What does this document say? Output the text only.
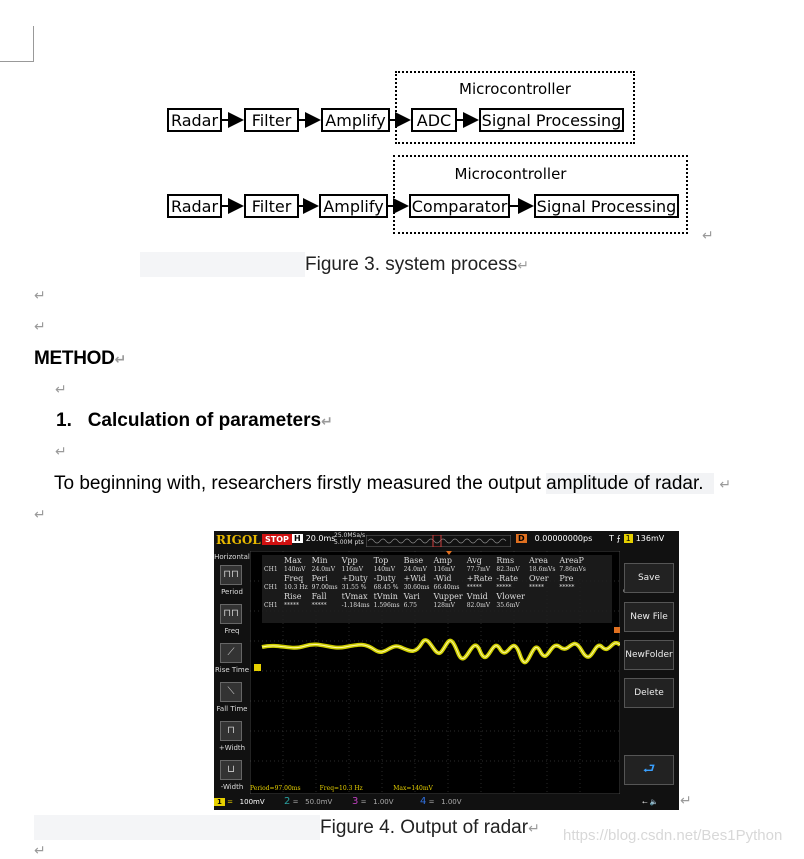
Microcontroller
Radar	Filter	Amplify	ADC	Signal Processing
Microcontroller
Radar	Filter	Amplify Comparator Signal Processing
↵
Figure 3. system process↵
↵
↵
METHOD↵
↵
1. Calculation of parameters↵
↵
To beginning with, researchers firstly measured the output amplitude of radar. ↵
↵
RIGOL STOP H 20.0ms
25.0MSa/s
5.00M pts	D 0.00000000ps T ⨍ 1 136mV
Horizontal
⊓⊓
Period
⊓⊓
Freq
⟋
Rise Time
⟍
Fall Time
⊓
+Width
⊔
-Width
	Max	Min	Vpp	Top	Base	Amp	Avg	Rms	Area	AreaP
CH1	140mV	24.0mV	116mV	140mV	24.0mV	116mV	77.7mV	82.3mV	18.6mVs	7.86mVs
	Freq	Peri	+Duty	-Duty	+Wid	-Wid	+Rate	-Rate	Over	Pre
CH1	10.3 Hz	97.00ms	31.55 %	68.45 %	30.60ms	66.40ms	*****	*****	*****	*****
	Rise	Fall	tVmax	tVmin	Vari	Vupper	Vmid	Vlower		
CH1	*****	*****	-1.184ms	1.596ms	6.75	128mV	82.0mV	35.6mV		
Period=97.00ms	Freq=10.3 Hz	Max=140mV
Save
New File
NewFolder
Delete
⮐
1 = 100mV 2 =   50.0mV 3 =   1.00V	4 =   1.00V	⭠ 🔈 ↵
Figure 4. Output of radar↵ https://blog.csdn.net/Bes1Python
↵
